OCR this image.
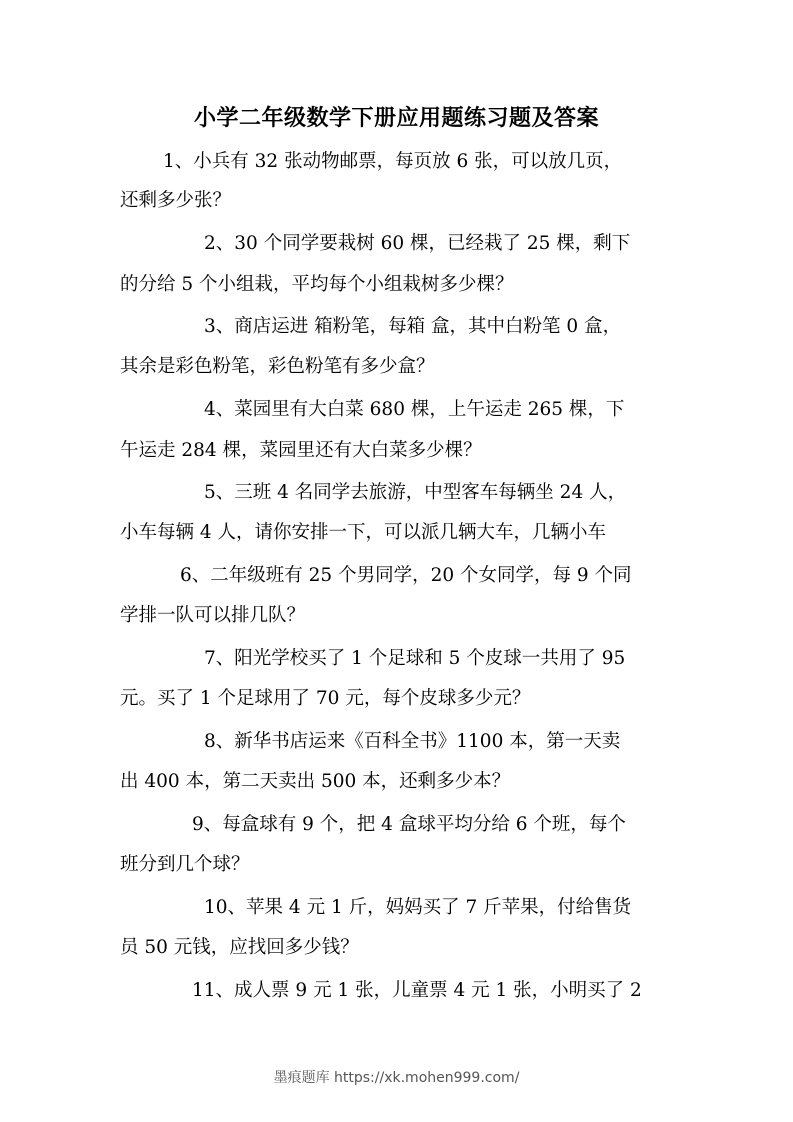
小学二年级数学下册应用题练习题及答案
1、小兵有 32 张动物邮票，每页放 6 张，可以放几页，
还剩多少张？
2、30 个同学要栽树 60 棵，已经栽了 25 棵，剩下
的分给 5 个小组栽，平均每个小组栽树多少棵？
3、商店运进 箱粉笔，每箱 盒，其中白粉笔 0 盒，
其余是彩色粉笔，彩色粉笔有多少盒？
4、菜园里有大白菜 680 棵，上午运走 265 棵，下
午运走 284 棵，菜园里还有大白菜多少棵？
5、三班 4 名同学去旅游，中型客车每辆坐 24 人，
小车每辆 4 人，请你安排一下，可以派几辆大车，几辆小车
6、二年级班有 25 个男同学，20 个女同学，每 9 个同
学排一队可以排几队？
7、阳光学校买了 1 个足球和 5 个皮球一共用了 95
元。买了 1 个足球用了 70 元，每个皮球多少元？
8、新华书店运来《百科全书》1100 本，第一天卖
出 400 本，第二天卖出 500 本，还剩多少本？
9、每盒球有 9 个，把 4 盒球平均分给 6 个班，每个
班分到几个球？
10、苹果 4 元 1 斤，妈妈买了 7 斤苹果，付给售货
员 50 元钱，应找回多少钱？
11、成人票 9 元 1 张，儿童票 4 元 1 张，小明买了 2
墨痕题库 https://xk.mohen999.com/
